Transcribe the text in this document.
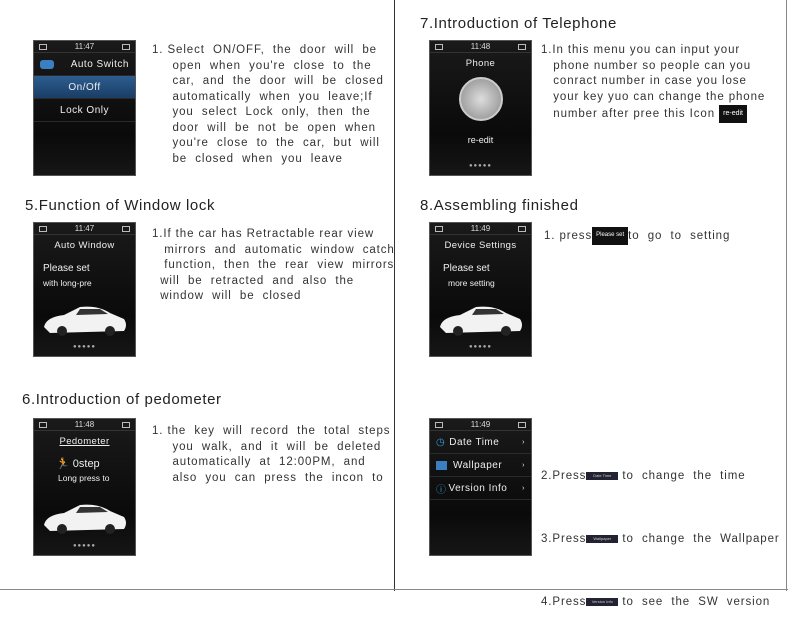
7.Introduction of Telephone
5.Function of Window lock	8.Assembling finished
6.Introduction of pedometer
11:47
Auto Switch
On/Off
Lock Only
1. Select  ON/OFF,  the  door  will  be
open  when  you're  close  to  the
car,  and  the  door  will  be  closed
automatically  when  you  leave;If
you  select  Lock  only,  then  the
door  will  be  not  be  open  when
you're  close  to  the  car,  but  will
be  closed  when  you  leave
11:48
Phone
re-edit
●●●●●
1.In this menu you can input your
phone number so people can you
conract number in case you lose
your key yuo can change the phone
number after pree this Icon re-edit
11:47
Auto Window
Please set
with long-pre
●●●●●
1.If the car has Retractable rear view
mirrors  and  automatic  window  catch
function,  then  the  rear  view  mirrors
will  be  retracted  and  also  the
window  will  be  closed
11:49
Device Settings
Please set
more setting
●●●●●
1. press Please set to  go  to  setting
11:48
Pedometer
🏃 0step
Long press to
●●●●●
1. the  key  will  record  the  total  steps
you  walk,  and  it  will  be  deleted
automatically  at  12:00PM,  and
also  you  can  press  the  incon  to
11:49
◷ Date Time	›
Wallpaper	›
ⓘ Version Info ›

2.Press Date Time to  change  the  time

3.Press Wallpaper to  change  the  Wallpaper

4.Press Version Info to  see  the  SW  version
